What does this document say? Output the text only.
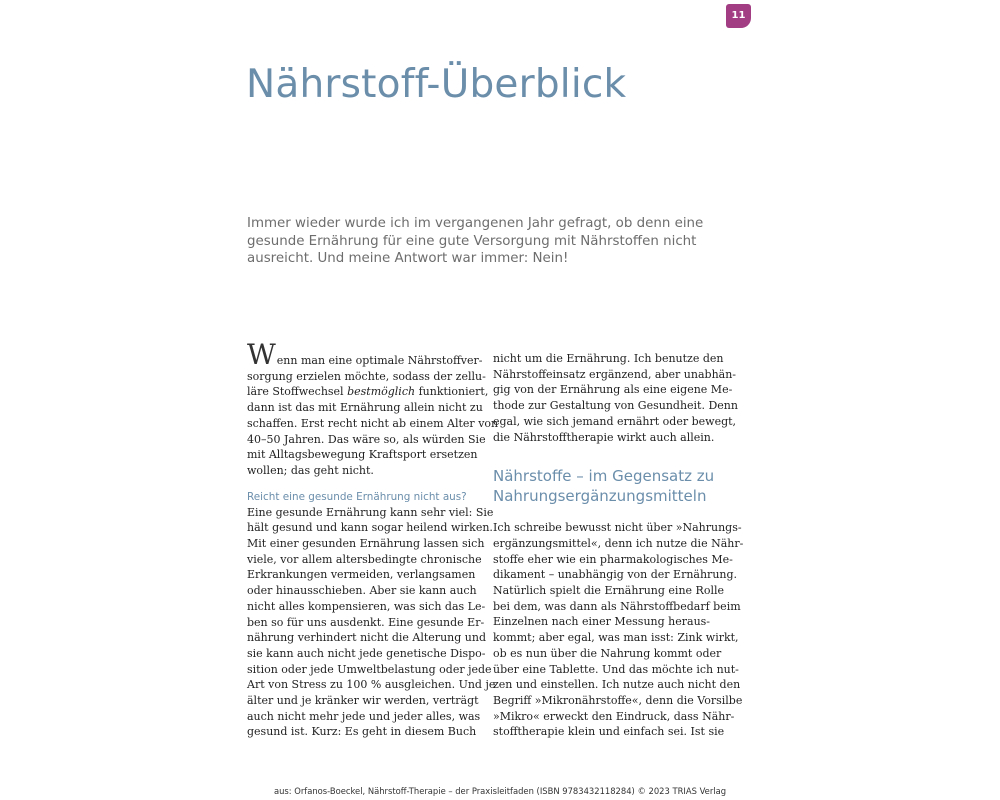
11
Nährstoff-Überblick

Immer wieder wurde ich im vergangenen Jahr gefragt, ob denn eine gesunde Ernährung für eine gute Versorgung mit Nährstoffen nicht ausreicht. Und meine Antwort war immer: Nein!

W enn man eine optimale Nährstoffver-
sorgung erzielen möchte, sodass der zellu-
läre Stoffwechsel bestmöglich funktioniert,
dann ist das mit Ernährung allein nicht zu
schaffen. Erst recht nicht ab einem Alter von
40–50 Jahren. Das wäre so, als würden Sie
mit Alltagsbewegung Kraftsport ersetzen
wollen; das geht nicht.
Reicht eine gesunde Ernährung nicht aus?
Eine gesunde Ernährung kann sehr viel: Sie
hält gesund und kann sogar heilend wirken.
Mit einer gesunden Ernährung lassen sich
viele, vor allem altersbedingte chronische
Erkrankungen vermeiden, verlangsamen
oder hinausschieben. Aber sie kann auch
nicht alles kompensieren, was sich das Le-
ben so für uns ausdenkt. Eine gesunde Er-
nährung verhindert nicht die Alterung und
sie kann auch nicht jede genetische Dispo-
sition oder jede Umweltbelastung oder jede
Art von Stress zu 100 % ausgleichen. Und je
älter und je kränker wir werden, verträgt
auch nicht mehr jede und jeder alles, was
gesund ist. Kurz: Es geht in diesem Buch
nicht um die Ernährung. Ich benutze den
Nährstoffeinsatz ergänzend, aber unabhän-
gig von der Ernährung als eine eigene Me-
thode zur Gestaltung von Gesundheit. Denn
egal, wie sich jemand ernährt oder bewegt,
die Nährstofftherapie wirkt auch allein.
Nährstoffe – im Gegensatz zu
Nahrungsergänzungsmitteln
Ich schreibe bewusst nicht über »Nahrungs-
ergänzungsmittel«, denn ich nutze die Nähr-
stoffe eher wie ein pharmakologisches Me-
dikament – unabhängig von der Ernährung.
Natürlich spielt die Ernährung eine Rolle
bei dem, was dann als Nährstoffbedarf beim
Einzelnen nach einer Messung heraus-
kommt; aber egal, was man isst: Zink wirkt,
ob es nun über die Nahrung kommt oder
über eine Tablette. Und das möchte ich nut-
zen und einstellen. Ich nutze auch nicht den
Begriff »Mikronährstoffe«, denn die Vorsilbe
»Mikro« erweckt den Eindruck, dass Nähr-
stofftherapie klein und einfach sei. Ist sie
aus: Orfanos-Boeckel, Nährstoff-Therapie – der Praxisleitfaden (ISBN 9783432118284) © 2023 TRIAS Verlag
